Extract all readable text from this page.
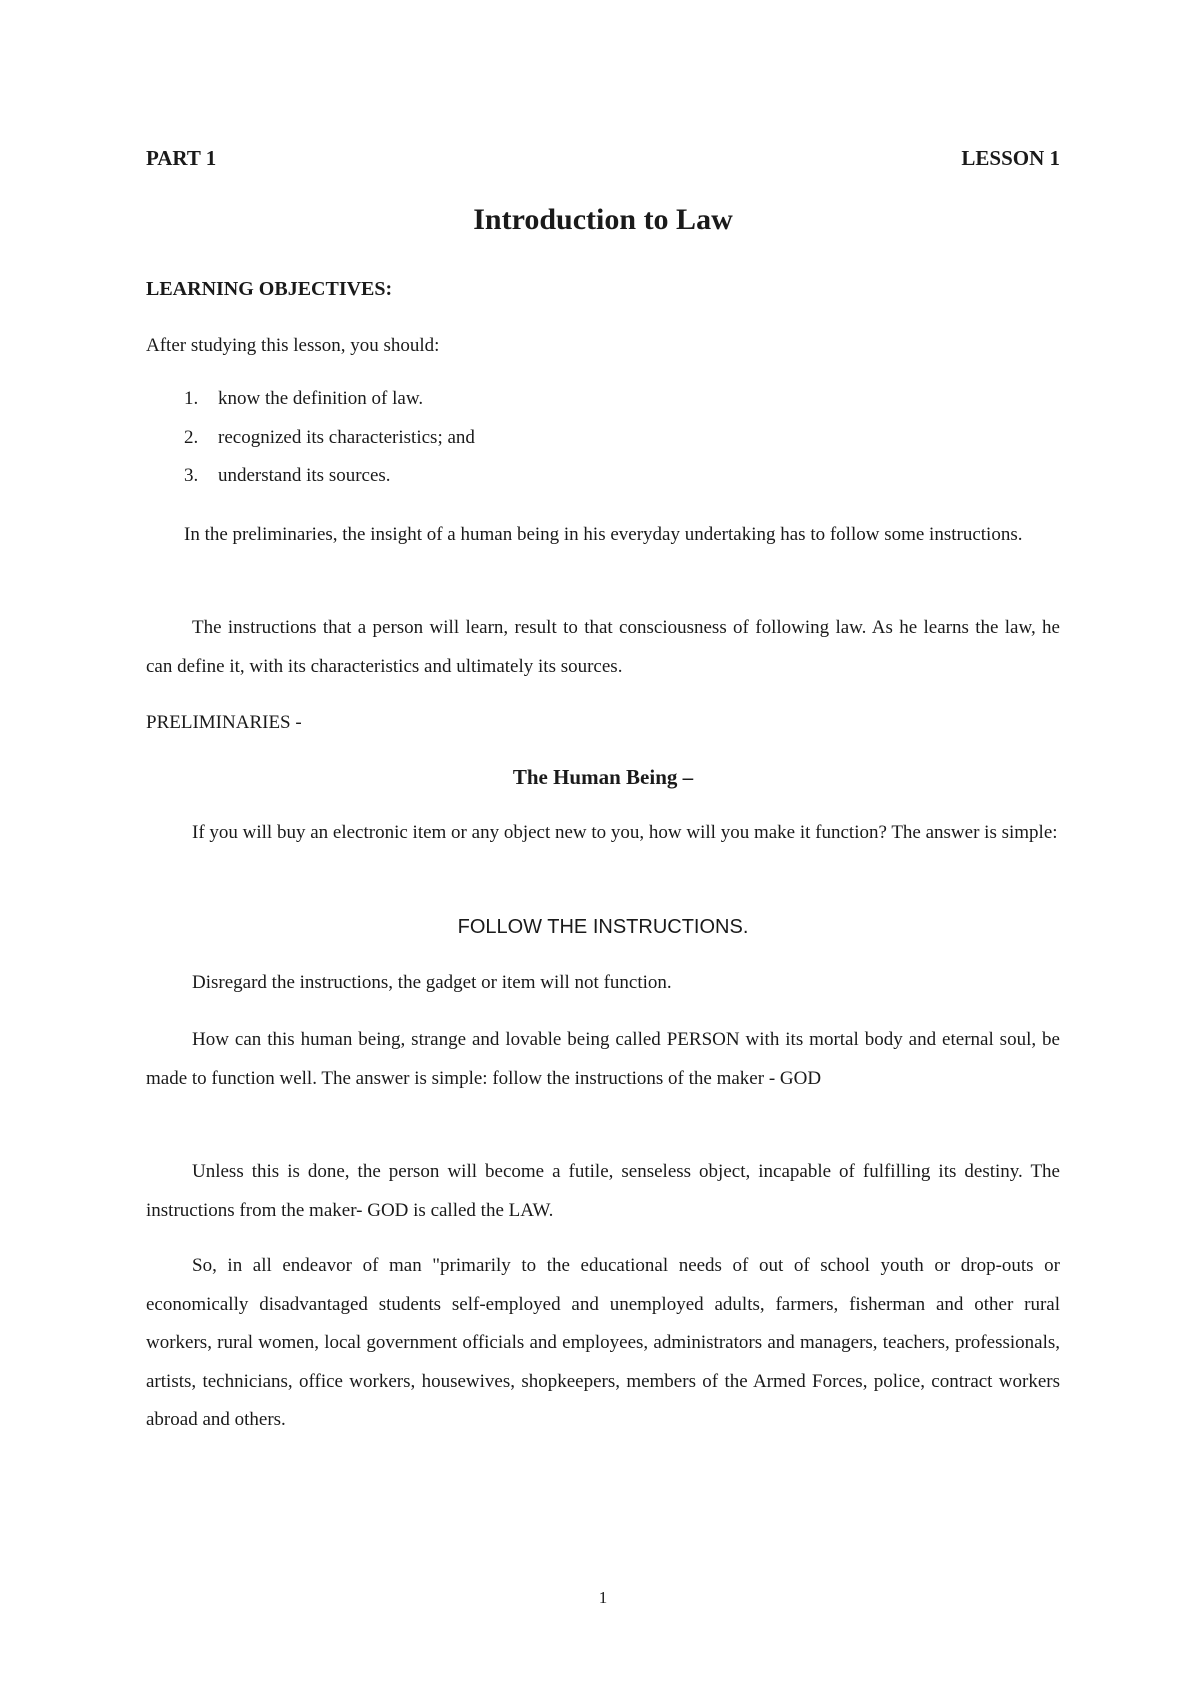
PART 1	LESSON 1
Introduction to Law
LEARNING OBJECTIVES:
After studying this lesson, you should:
1.	know the definition of law.
2.	recognized its characteristics; and
3.	understand its sources.

In the preliminaries, the insight of a human being in his everyday undertaking has to follow some instructions.

The instructions that a person will learn, result to that consciousness of following law. As he learns the law, he can define it, with its characteristics and ultimately its sources.

PRELIMINARIES -
The Human Being –

If you will buy an electronic item or any object new to you, how will you make it function? The answer is simple:

FOLLOW THE INSTRUCTIONS.
Disregard the instructions, the gadget or item will not function.

How can this human being, strange and lovable being called PERSON with its mortal body and eternal soul, be made to function well. The answer is simple: follow the instructions of the maker - GOD

Unless this is done, the person will become a futile, senseless object, incapable of fulfilling its destiny. The instructions from the maker- GOD is called the LAW.

So, in all endeavor of man "primarily to the educational needs of out of school youth or drop-outs or economically disadvantaged students self-employed and unemployed adults, farmers, fisherman and other rural workers, rural women, local government officials and employees, administrators and managers, teachers, professionals, artists, technicians, office workers, housewives, shopkeepers, members of the Armed Forces, police, contract workers abroad and others.

1
